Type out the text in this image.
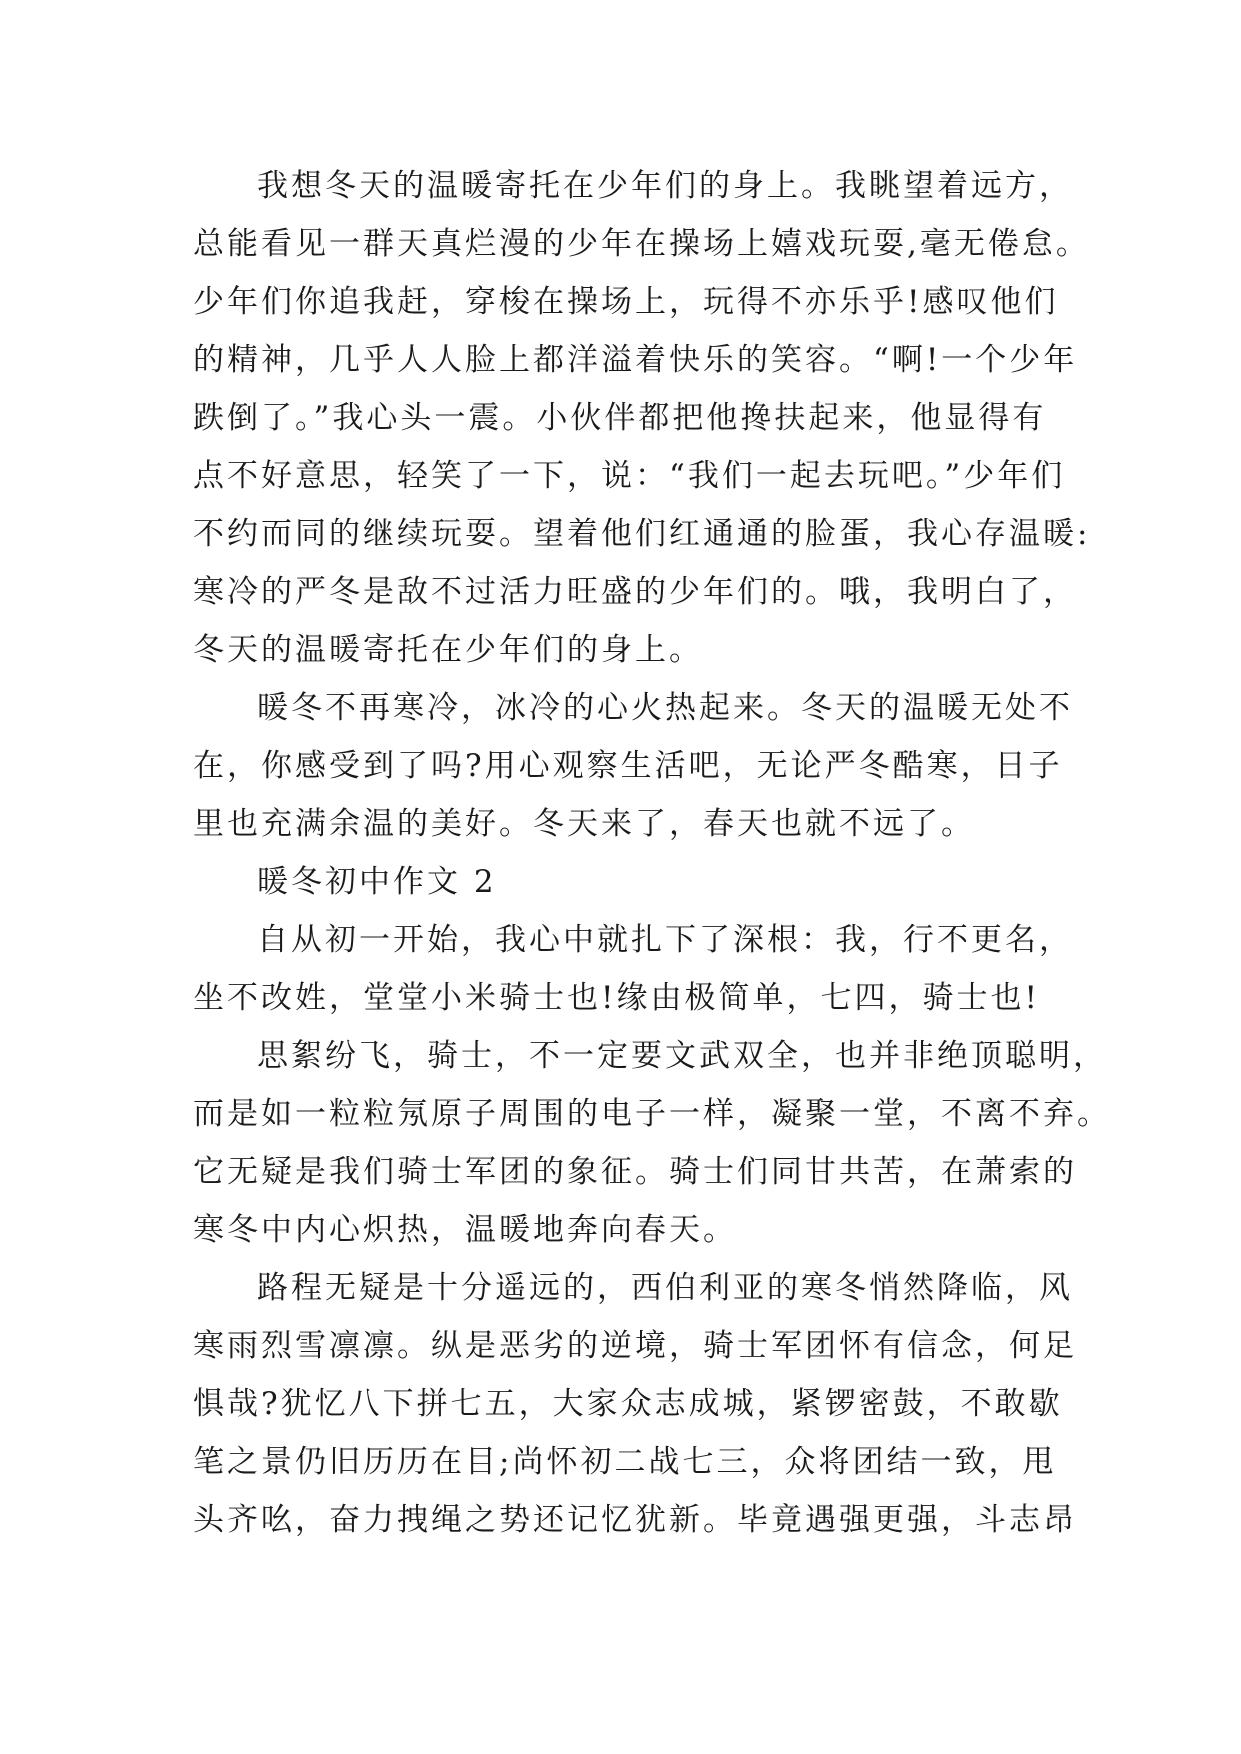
我想冬天的温暖寄托在少年们的身上。我眺望着远方，
总能看见一群天真烂漫的少年在操场上嬉戏玩耍,毫无倦怠。
少年们你追我赶，穿梭在操场上，玩得不亦乐乎!感叹他们
的精神，几乎人人脸上都洋溢着快乐的笑容。“啊!一个少年
跌倒了。”我心头一震。小伙伴都把他搀扶起来，他显得有
点不好意思，轻笑了一下，说：“我们一起去玩吧。”少年们
不约而同的继续玩耍。望着他们红通通的脸蛋，我心存温暖:
寒冷的严冬是敌不过活力旺盛的少年们的。哦，我明白了，
冬天的温暖寄托在少年们的身上。
暖冬不再寒冷，冰冷的心火热起来。冬天的温暖无处不
在，你感受到了吗?用心观察生活吧，无论严冬酷寒，日子
里也充满余温的美好。冬天来了，春天也就不远了。
暖冬初中作文 2
自从初一开始，我心中就扎下了深根：我，行不更名，
坐不改姓，堂堂小米骑士也!缘由极简单，七四，骑士也!
思絮纷飞，骑士，不一定要文武双全，也并非绝顶聪明，
而是如一粒粒氖原子周围的电子一样，凝聚一堂，不离不弃。
它无疑是我们骑士军团的象征。骑士们同甘共苦，在萧索的
寒冬中内心炽热，温暖地奔向春天。
路程无疑是十分遥远的，西伯利亚的寒冬悄然降临，风
寒雨烈雪凛凛。纵是恶劣的逆境，骑士军团怀有信念，何足
惧哉?犹忆八下拼七五，大家众志成城，紧锣密鼓，不敢歇
笔之景仍旧历历在目;尚怀初二战七三，众将团结一致，甩
头齐吆，奋力拽绳之势还记忆犹新。毕竟遇强更强，斗志昂
